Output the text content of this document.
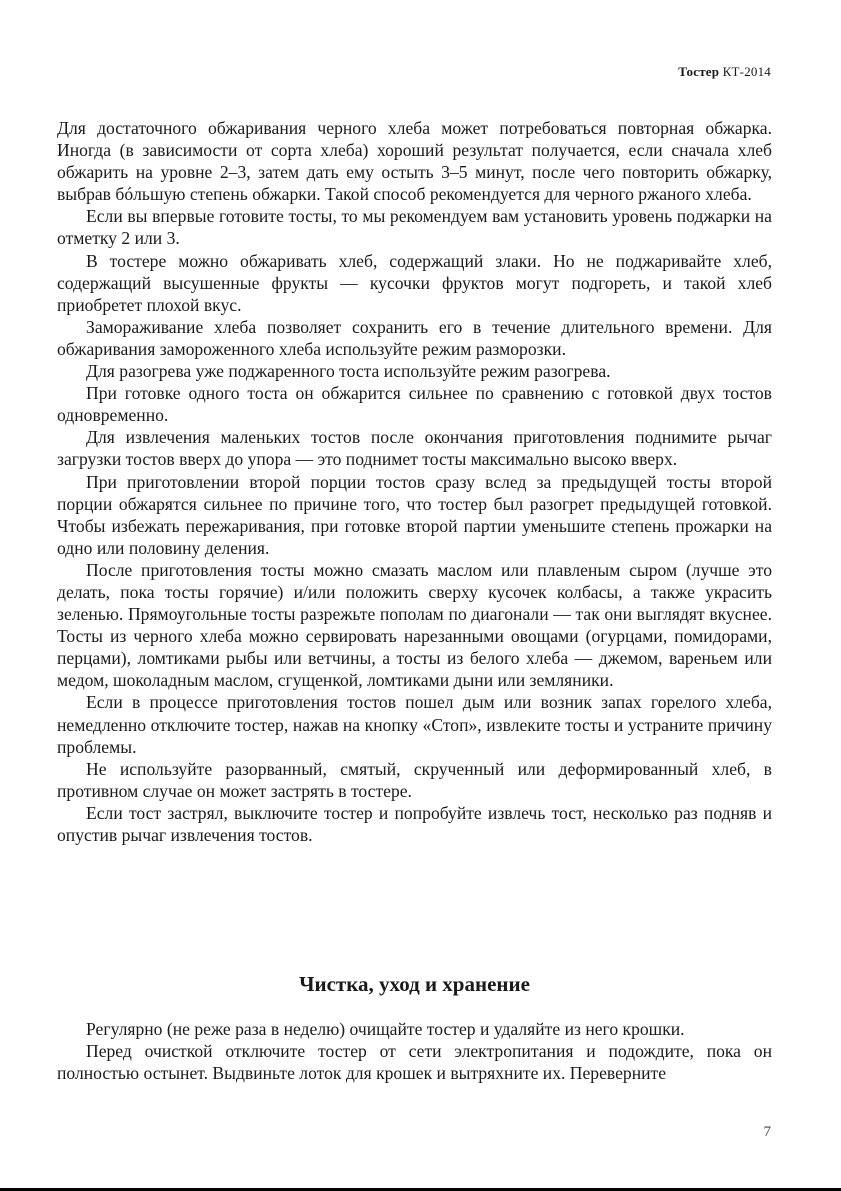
Тостер КТ-2014

Для достаточного обжаривания черного хлеба может потребоваться повторная обжарка. Иногда (в зависимости от сорта хлеба) хороший результат получается, если сначала хлеб обжарить на уровне 2–3, затем дать ему остыть 3–5 минут, после чего повторить обжарку, выбрав бóльшую степень обжарки. Такой способ рекомендуется для черного ржаного хлеба.

Если вы впервые готовите тосты, то мы рекомендуем вам установить уровень поджарки на отметку 2 или 3.

В тостере можно обжаривать хлеб, содержащий злаки. Но не поджаривайте хлеб, содержащий высушенные фрукты — кусочки фруктов могут подгореть, и такой хлеб приобретет плохой вкус.

Замораживание хлеба позволяет сохранить его в течение длительного времени. Для обжаривания замороженного хлеба используйте режим разморозки.

Для разогрева уже поджаренного тоста используйте режим разогрева.

При готовке одного тоста он обжарится сильнее по сравнению с готовкой двух тостов одновременно.

Для извлечения маленьких тостов после окончания приготовления поднимите рычаг загрузки тостов вверх до упора — это поднимет тосты максимально высоко вверх.

При приготовлении второй порции тостов сразу вслед за предыдущей тосты второй порции обжарятся сильнее по причине того, что тостер был разогрет предыдущей готовкой. Чтобы избежать пережаривания, при готовке второй партии уменьшите степень прожарки на одно или половину деления.

После приготовления тосты можно смазать маслом или плавленым сыром (лучше это делать, пока тосты горячие) и/или положить сверху кусочек колбасы, а также украсить зеленью. Прямоугольные тосты разрежьте пополам по диагонали — так они выглядят вкуснее. Тосты из черного хлеба можно сервировать нарезанными овощами (огурцами, помидорами, перцами), ломтиками рыбы или ветчины, а тосты из белого хлеба — джемом, вареньем или медом, шоколадным маслом, сгущенкой, ломтиками дыни или земляники.

Если в процессе приготовления тостов пошел дым или возник запах горелого хлеба, немедленно отключите тостер, нажав на кнопку «Стоп», извлеките тосты и устраните причину проблемы.

Не используйте разорванный, смятый, скрученный или деформированный хлеб, в противном случае он может застрять в тостере.

Если тост застрял, выключите тостер и попробуйте извлечь тост, несколько раз подняв и опустив рычаг извлечения тостов.

Чистка, уход и хранение

Регулярно (не реже раза в неделю) очищайте тостер и удаляйте из него крошки.

Перед очисткой отключите тостер от сети электропитания и подождите, пока он полностью остынет. Выдвиньте лоток для крошек и вытряхните их. Переверните

7
